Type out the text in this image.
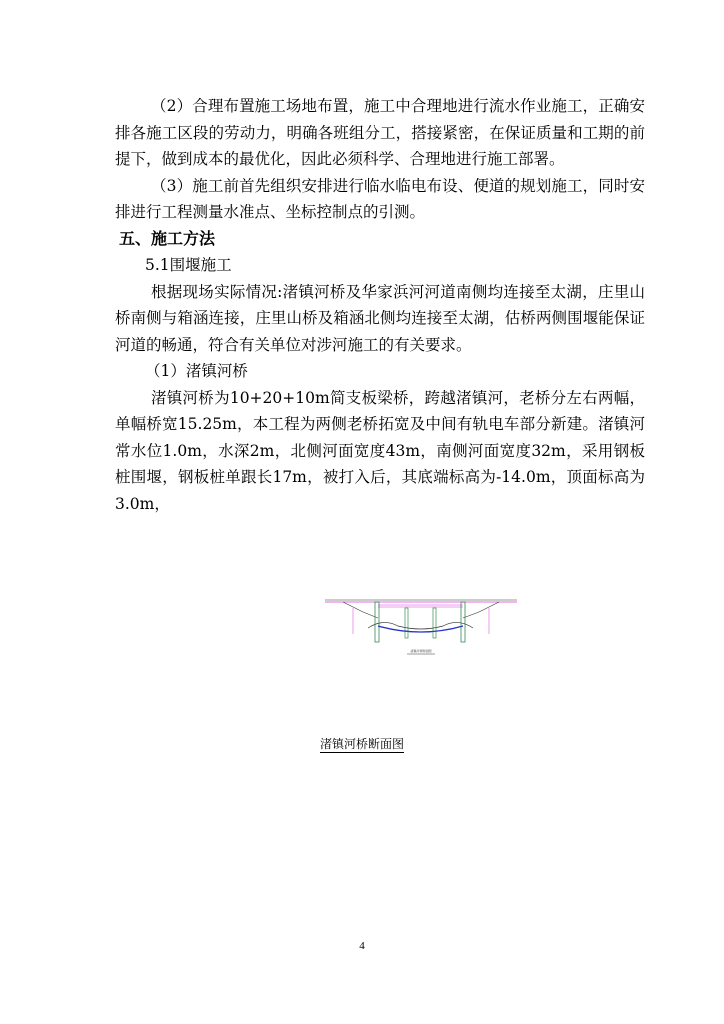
（2）合理布置施工场地布置，施工中合理地进行流水作业施工，正确安排各施工区段的劳动力，明确各班组分工，搭接紧密，在保证质量和工期的前提下，做到成本的最优化，因此必须科学、合理地进行施工部署。

（3）施工前首先组织安排进行临水临电布设、便道的规划施工，同时安排进行工程测量水准点、坐标控制点的引测。

五、施工方法

5.1围堰施工

根据现场实际情况:渚镇河桥及华家浜河河道南侧均连接至太湖，庄里山桥南侧与箱涵连接，庄里山桥及箱涵北侧均连接至太湖，估桥两侧围堰能保证河道的畅通，符合有关单位对涉河施工的有关要求。

（1）渚镇河桥

渚镇河桥为10+20+10m简支板梁桥，跨越渚镇河，老桥分左右两幅，单幅桥宽15.25m，本工程为两侧老桥拓宽及中间有轨电车部分新建。渚镇河常水位1.0m，水深2m，北侧河面宽度43m，南侧河面宽度32m，采用钢板桩围堰，钢板桩单跟长17m，被打入后，其底端标高为-14.0m，顶面标高为3.0m，

渚镇河桥断面图
渚镇河桥断面图
4
